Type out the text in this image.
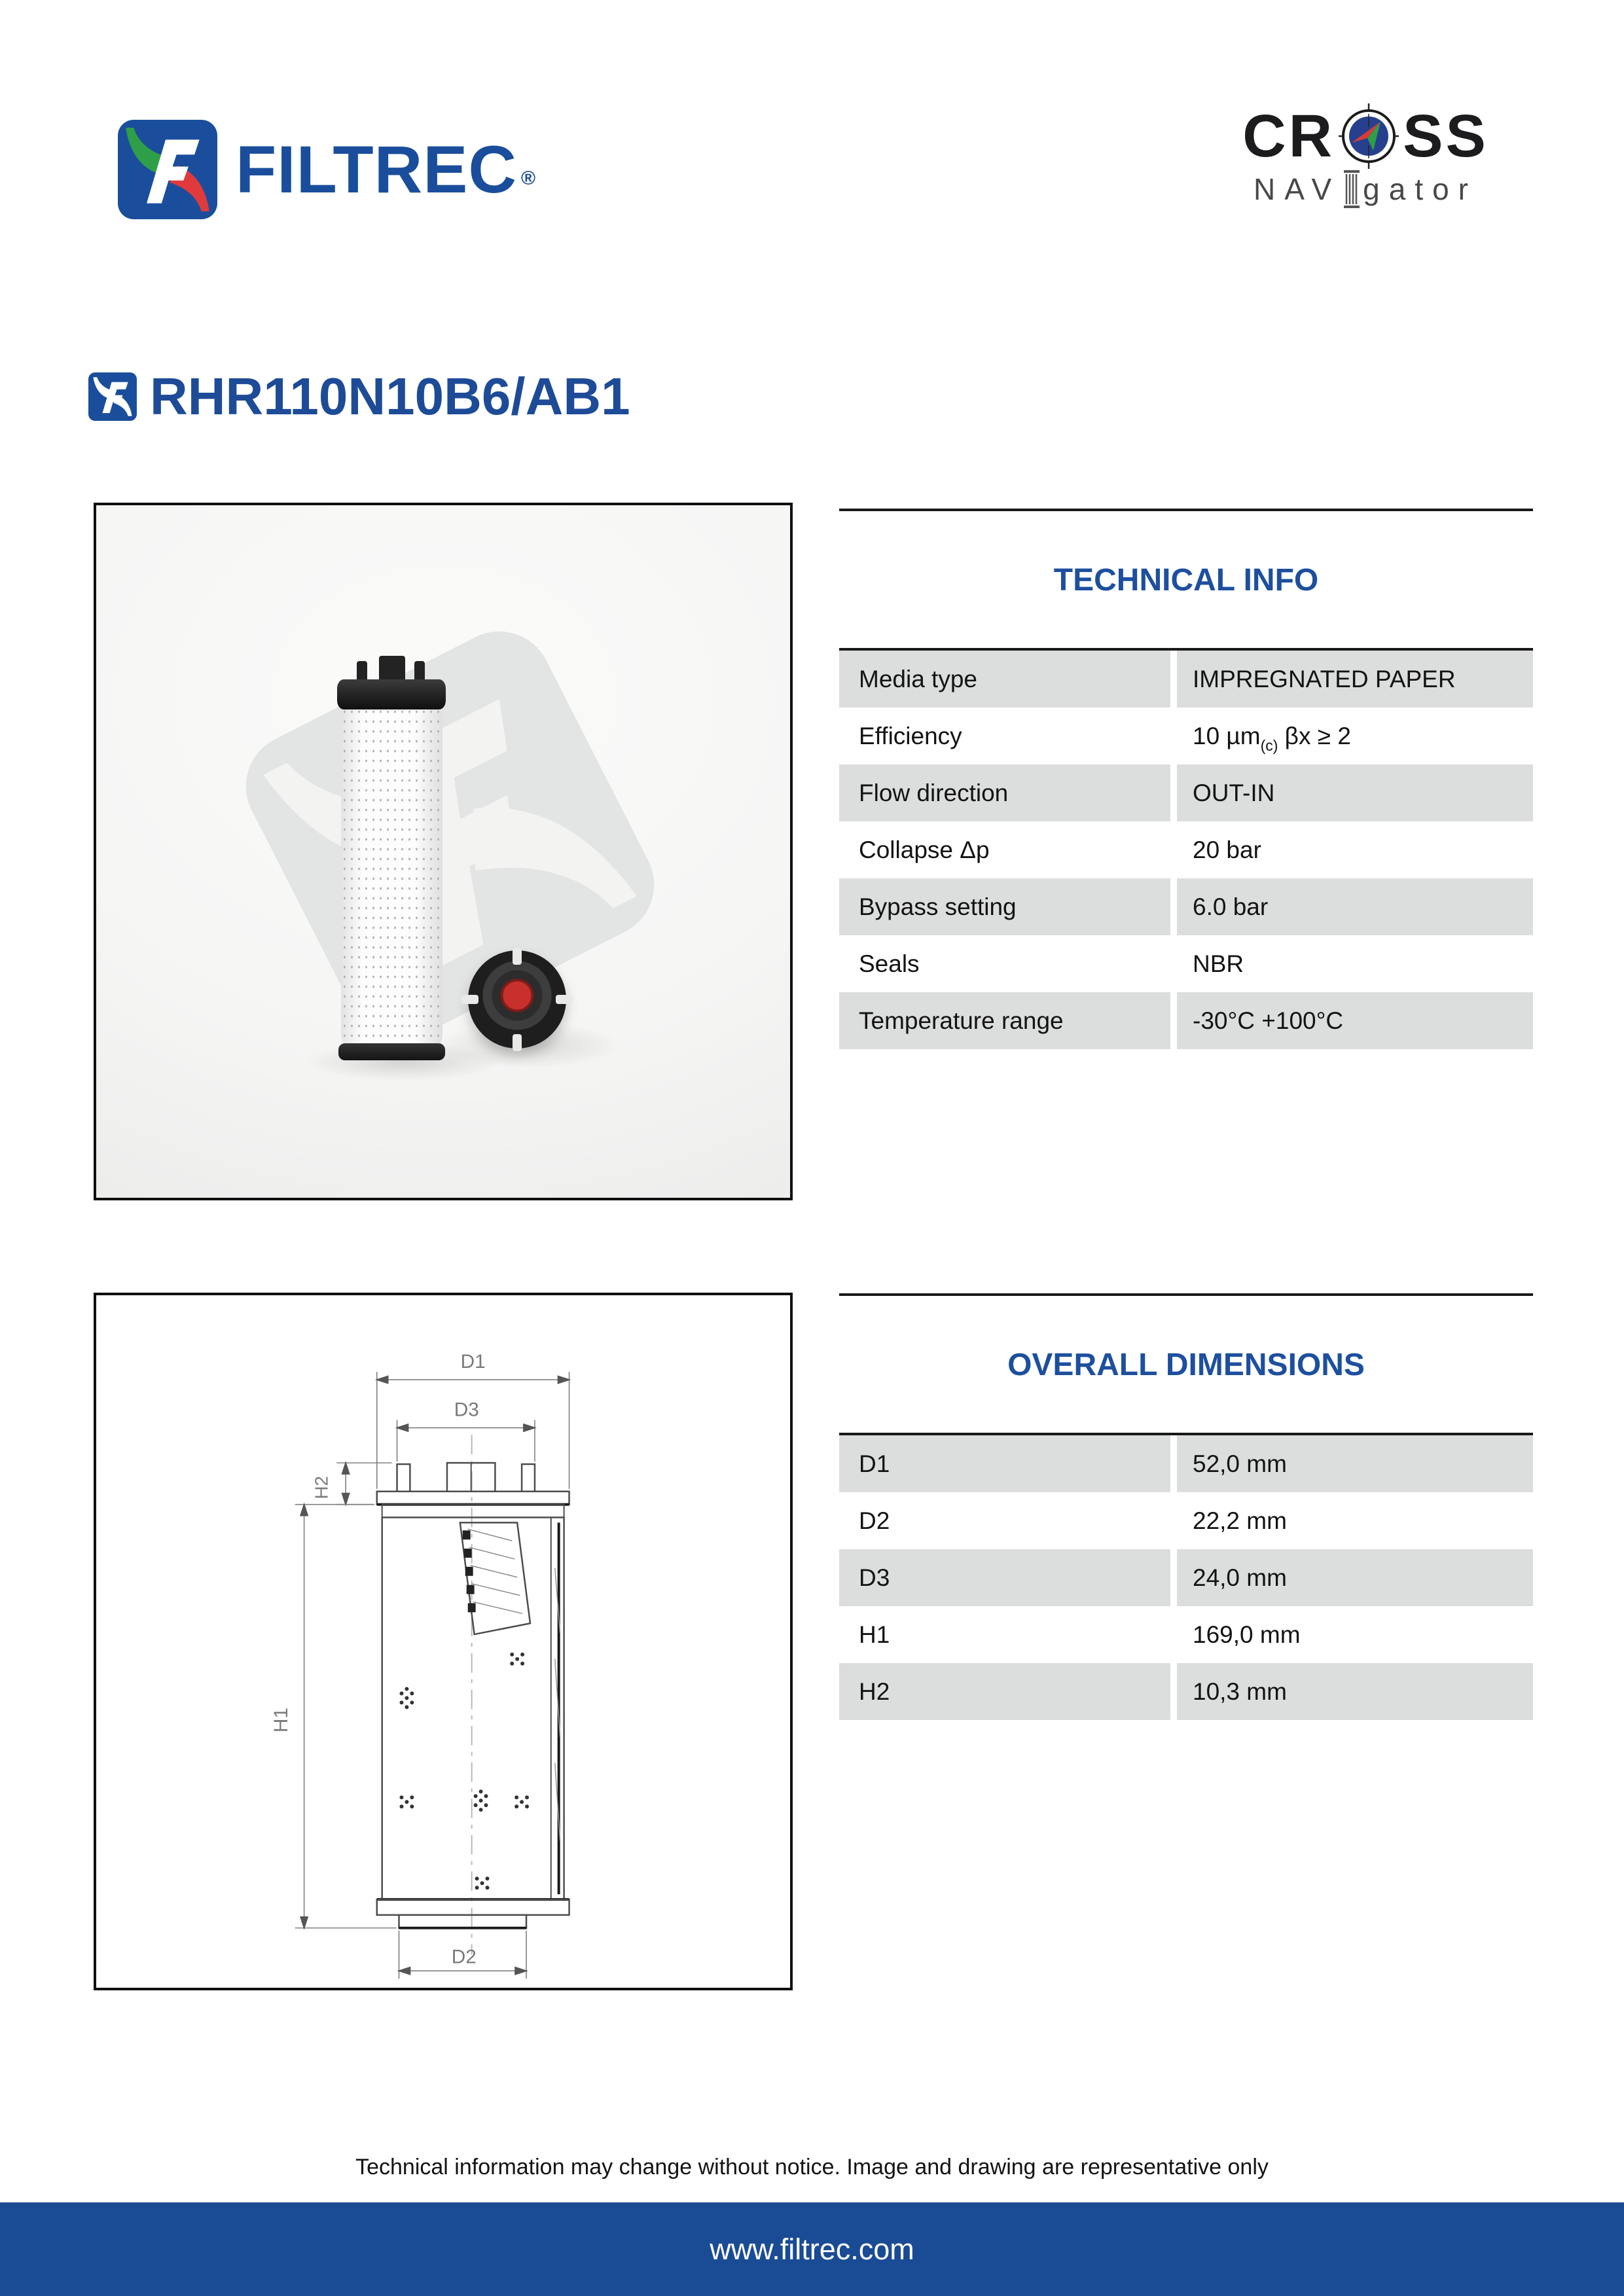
FILTREC ®
CR SS
NAV gator
RHR110N10B6/AB1
TECHNICAL INFO
Media type	IMPREGNATED PAPER
Efficiency	10 µm$_{(c)}$ βx ≥ 2
Flow direction	OUT-IN
Collapse Δp	20 bar
Bypass setting	6.0 bar
Seals	NBR
Temperature range	-30°C +100°C
D1
D3
H2
H1
D2
OVERALL DIMENSIONS
D1	52,0 mm
D2	22,2 mm
D3	24,0 mm
H1	169,0 mm
H2	10,3 mm
Technical information may change without notice. Image and drawing are representative only
www.filtrec.com
